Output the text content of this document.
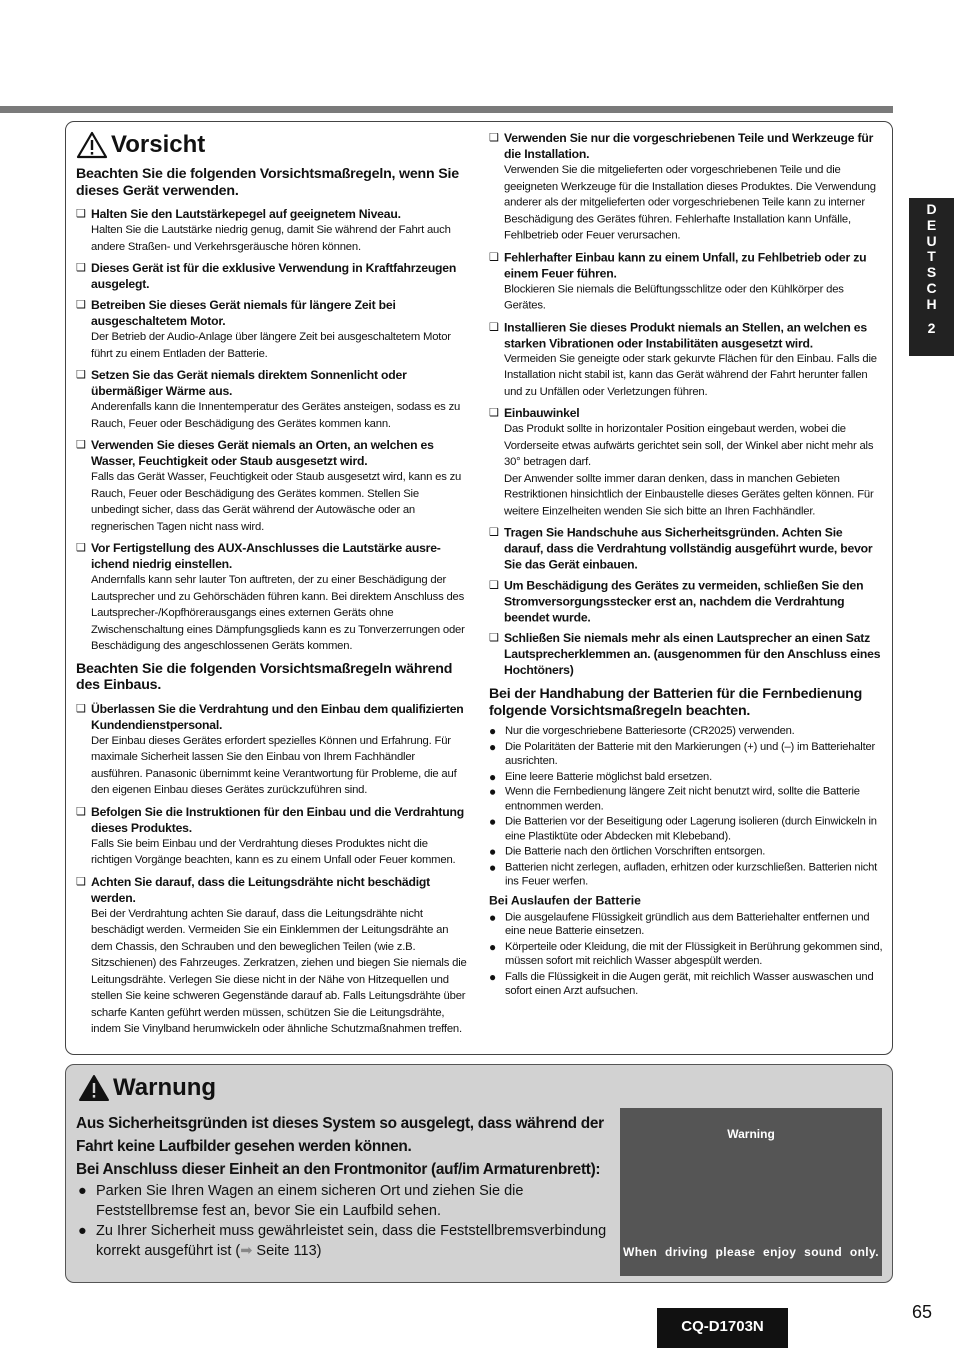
D
E
U
T
S
C
H
2
Vorsicht
Beachten Sie die folgenden Vorsichtsmaßregeln, wenn Sie dieses Gerät verwenden.
❑ Halten Sie den Lautstärkepegel auf geeignetem Niveau.
Halten Sie die Lautstärke niedrig genug, damit Sie während der Fahrt auch andere Straßen- und Verkehrsgeräusche hören können.
❑ Dieses Gerät ist für die exklusive Verwendung in Kraftfahrzeugen ausgelegt.
❑ Betreiben Sie dieses Gerät niemals für längere Zeit bei ausgeschaltetem Motor.
Der Betrieb der Audio-Anlage über längere Zeit bei ausgeschaltetem Motor führt zu einem Entladen der Batterie.
❑ Setzen Sie das Gerät niemals direktem Sonnenlicht oder übermäßiger Wärme aus.
Anderenfalls kann die Innentemperatur des Gerätes ansteigen, sodass es zu Rauch, Feuer oder Beschädigung des Gerätes kommen kann.
❑ Verwenden Sie dieses Gerät niemals an Orten, an welchen es Wasser, Feuchtigkeit oder Staub ausgesetzt wird.
Falls das Gerät Wasser, Feuchtigkeit oder Staub ausgesetzt wird, kann es zu Rauch, Feuer oder Beschädigung des Gerätes kommen. Stellen Sie unbedingt sicher, dass das Gerät während der Autowäsche oder an regnerischen Tagen nicht nass wird.
❑ Vor Fertigstellung des AUX-Anschlusses die Lautstärke ausre-ichend niedrig einstellen.
Andernfalls kann sehr lauter Ton auftreten, der zu einer Beschädigung der Lautsprecher und zu Gehörschäden führen kann. Bei direktem Anschluss des Lautsprecher-/Kopfhörerausgangs eines externen Geräts ohne Zwischenschaltung eines Dämpfungsglieds kann es zu Tonverzerrungen oder Beschädigung des angeschlossenen Geräts kommen.
Beachten Sie die folgenden Vorsichtsmaßregeln während des Einbaus.
❑ Überlassen Sie die Verdrahtung und den Einbau dem qualifizierten Kundendienstpersonal.
Der Einbau dieses Gerätes erfordert spezielles Können und Erfahrung. Für maximale Sicherheit lassen Sie den Einbau von Ihrem Fachhändler ausführen. Panasonic übernimmt keine Verantwortung für Probleme, die auf den eigenen Einbau dieses Gerätes zurückzuführen sind.
❑ Befolgen Sie die Instruktionen für den Einbau und die Verdrahtung dieses Produktes.
Falls Sie beim Einbau und der Verdrahtung dieses Produktes nicht die richtigen Vorgänge beachten, kann es zu einem Unfall oder Feuer kommen.
❑ Achten Sie darauf, dass die Leitungsdrähte nicht beschädigt werden.
Bei der Verdrahtung achten Sie darauf, dass die Leitungsdrähte nicht beschädigt werden. Vermeiden Sie ein Einklemmen der Leitungsdrähte an dem Chassis, den Schrauben und den beweglichen Teilen (wie z.B. Sitzschienen) des Fahrzeuges. Zerkratzen, ziehen und biegen Sie niemals die Leitungsdrähte. Verlegen Sie diese nicht in der Nähe von Hitzequellen und stellen Sie keine schweren Gegenstände darauf ab. Falls Leitungsdrähte über scharfe Kanten geführt werden müssen, schützen Sie die Leitungsdrähte, indem Sie Vinylband herumwickeln oder ähnliche Schutzmaßnahmen treffen.
❑ Verwenden Sie nur die vorgeschriebenen Teile und Werkzeuge für die Installation.
Verwenden Sie die mitgelieferten oder vorgeschriebenen Teile und die geeigneten Werkzeuge für die Installation dieses Produktes. Die Verwendung anderer als der mitgelieferten oder vorgeschriebenen Teile kann zu interner Beschädigung des Gerätes führen. Fehlerhafte Installation kann Unfälle, Fehlbetrieb oder Feuer verursachen.
❑ Fehlerhafter Einbau kann zu einem Unfall, zu Fehlbetrieb oder zu einem Feuer führen.
Blockieren Sie niemals die Belüftungsschlitze oder den Kühlkörper des Gerätes.
❑ Installieren Sie dieses Produkt niemals an Stellen, an welchen es starken Vibrationen oder Instabilitäten ausgesetzt wird.
Vermeiden Sie geneigte oder stark gekurvte Flächen für den Einbau. Falls die Installation nicht stabil ist, kann das Gerät während der Fahrt herunter fallen und zu Unfällen oder Verletzungen führen.
❑ Einbauwinkel
Das Produkt sollte in horizontaler Position eingebaut werden, wobei die Vorderseite etwas aufwärts gerichtet sein soll, der Winkel aber nicht mehr als 30° betragen darf.
Der Anwender sollte immer daran denken, dass in manchen Gebieten Restriktionen hinsichtlich der Einbaustelle dieses Gerätes gelten können. Für weitere Einzelheiten wenden Sie sich bitte an Ihren Fachhändler.
❑ Tragen Sie Handschuhe aus Sicherheitsgründen. Achten Sie darauf, dass die Verdrahtung vollständig ausgeführt wurde, bevor Sie das Gerät einbauen.
❑ Um Beschädigung des Gerätes zu vermeiden, schließen Sie den Stromversorgungsstecker erst an, nachdem die Verdrahtung beendet wurde.
❑ Schließen Sie niemals mehr als einen Lautsprecher an einen Satz Lautsprecherklemmen an. (ausgenommen für den Anschluss eines Hochtöners)
Bei der Handhabung der Batterien für die Fernbedienung folgende Vorsichtsmaßregeln beachten.
● Nur die vorgeschriebene Batteriesorte (CR2025) verwenden.
● Die Polaritäten der Batterie mit den Markierungen (+) und (–) im Batteriehalter ausrichten.
● Eine leere Batterie möglichst bald ersetzen.
● Wenn die Fernbedienung längere Zeit nicht benutzt wird, sollte die Batterie entnommen werden.
● Die Batterien vor der Beseitigung oder Lagerung isolieren (durch Einwickeln in eine Plastiktüte oder Abdecken mit Klebeband).
● Die Batterie nach den örtlichen Vorschriften entsorgen.
● Batterien nicht zerlegen, aufladen, erhitzen oder kurzschließen. Batterien nicht ins Feuer werfen.
Bei Auslaufen der Batterie
● Die ausgelaufene Flüssigkeit gründlich aus dem Batteriehalter entfernen und eine neue Batterie einsetzen.
● Körperteile oder Kleidung, die mit der Flüssigkeit in Berührung gekommen sind, müssen sofort mit reichlich Wasser abgespült werden.
● Falls die Flüssigkeit in die Augen gerät, mit reichlich Wasser auswaschen und sofort einen Arzt aufsuchen.
Warnung
Aus Sicherheitsgründen ist dieses System so ausgelegt, dass während der Fahrt keine Laufbilder gesehen werden können.
Bei Anschluss dieser Einheit an den Frontmonitor (auf/im Armaturenbrett):
● Parken Sie Ihren Wagen an einem sicheren Ort und ziehen Sie die Feststellbremse fest an, bevor Sie ein Laufbild sehen.
● Zu Ihrer Sicherheit muss gewährleistet sein, dass die Feststellbremsverbindung korrekt ausgeführt ist (➡ Seite 113)
Warning
When driving please enjoy sound only.
65
CQ-D1703N
